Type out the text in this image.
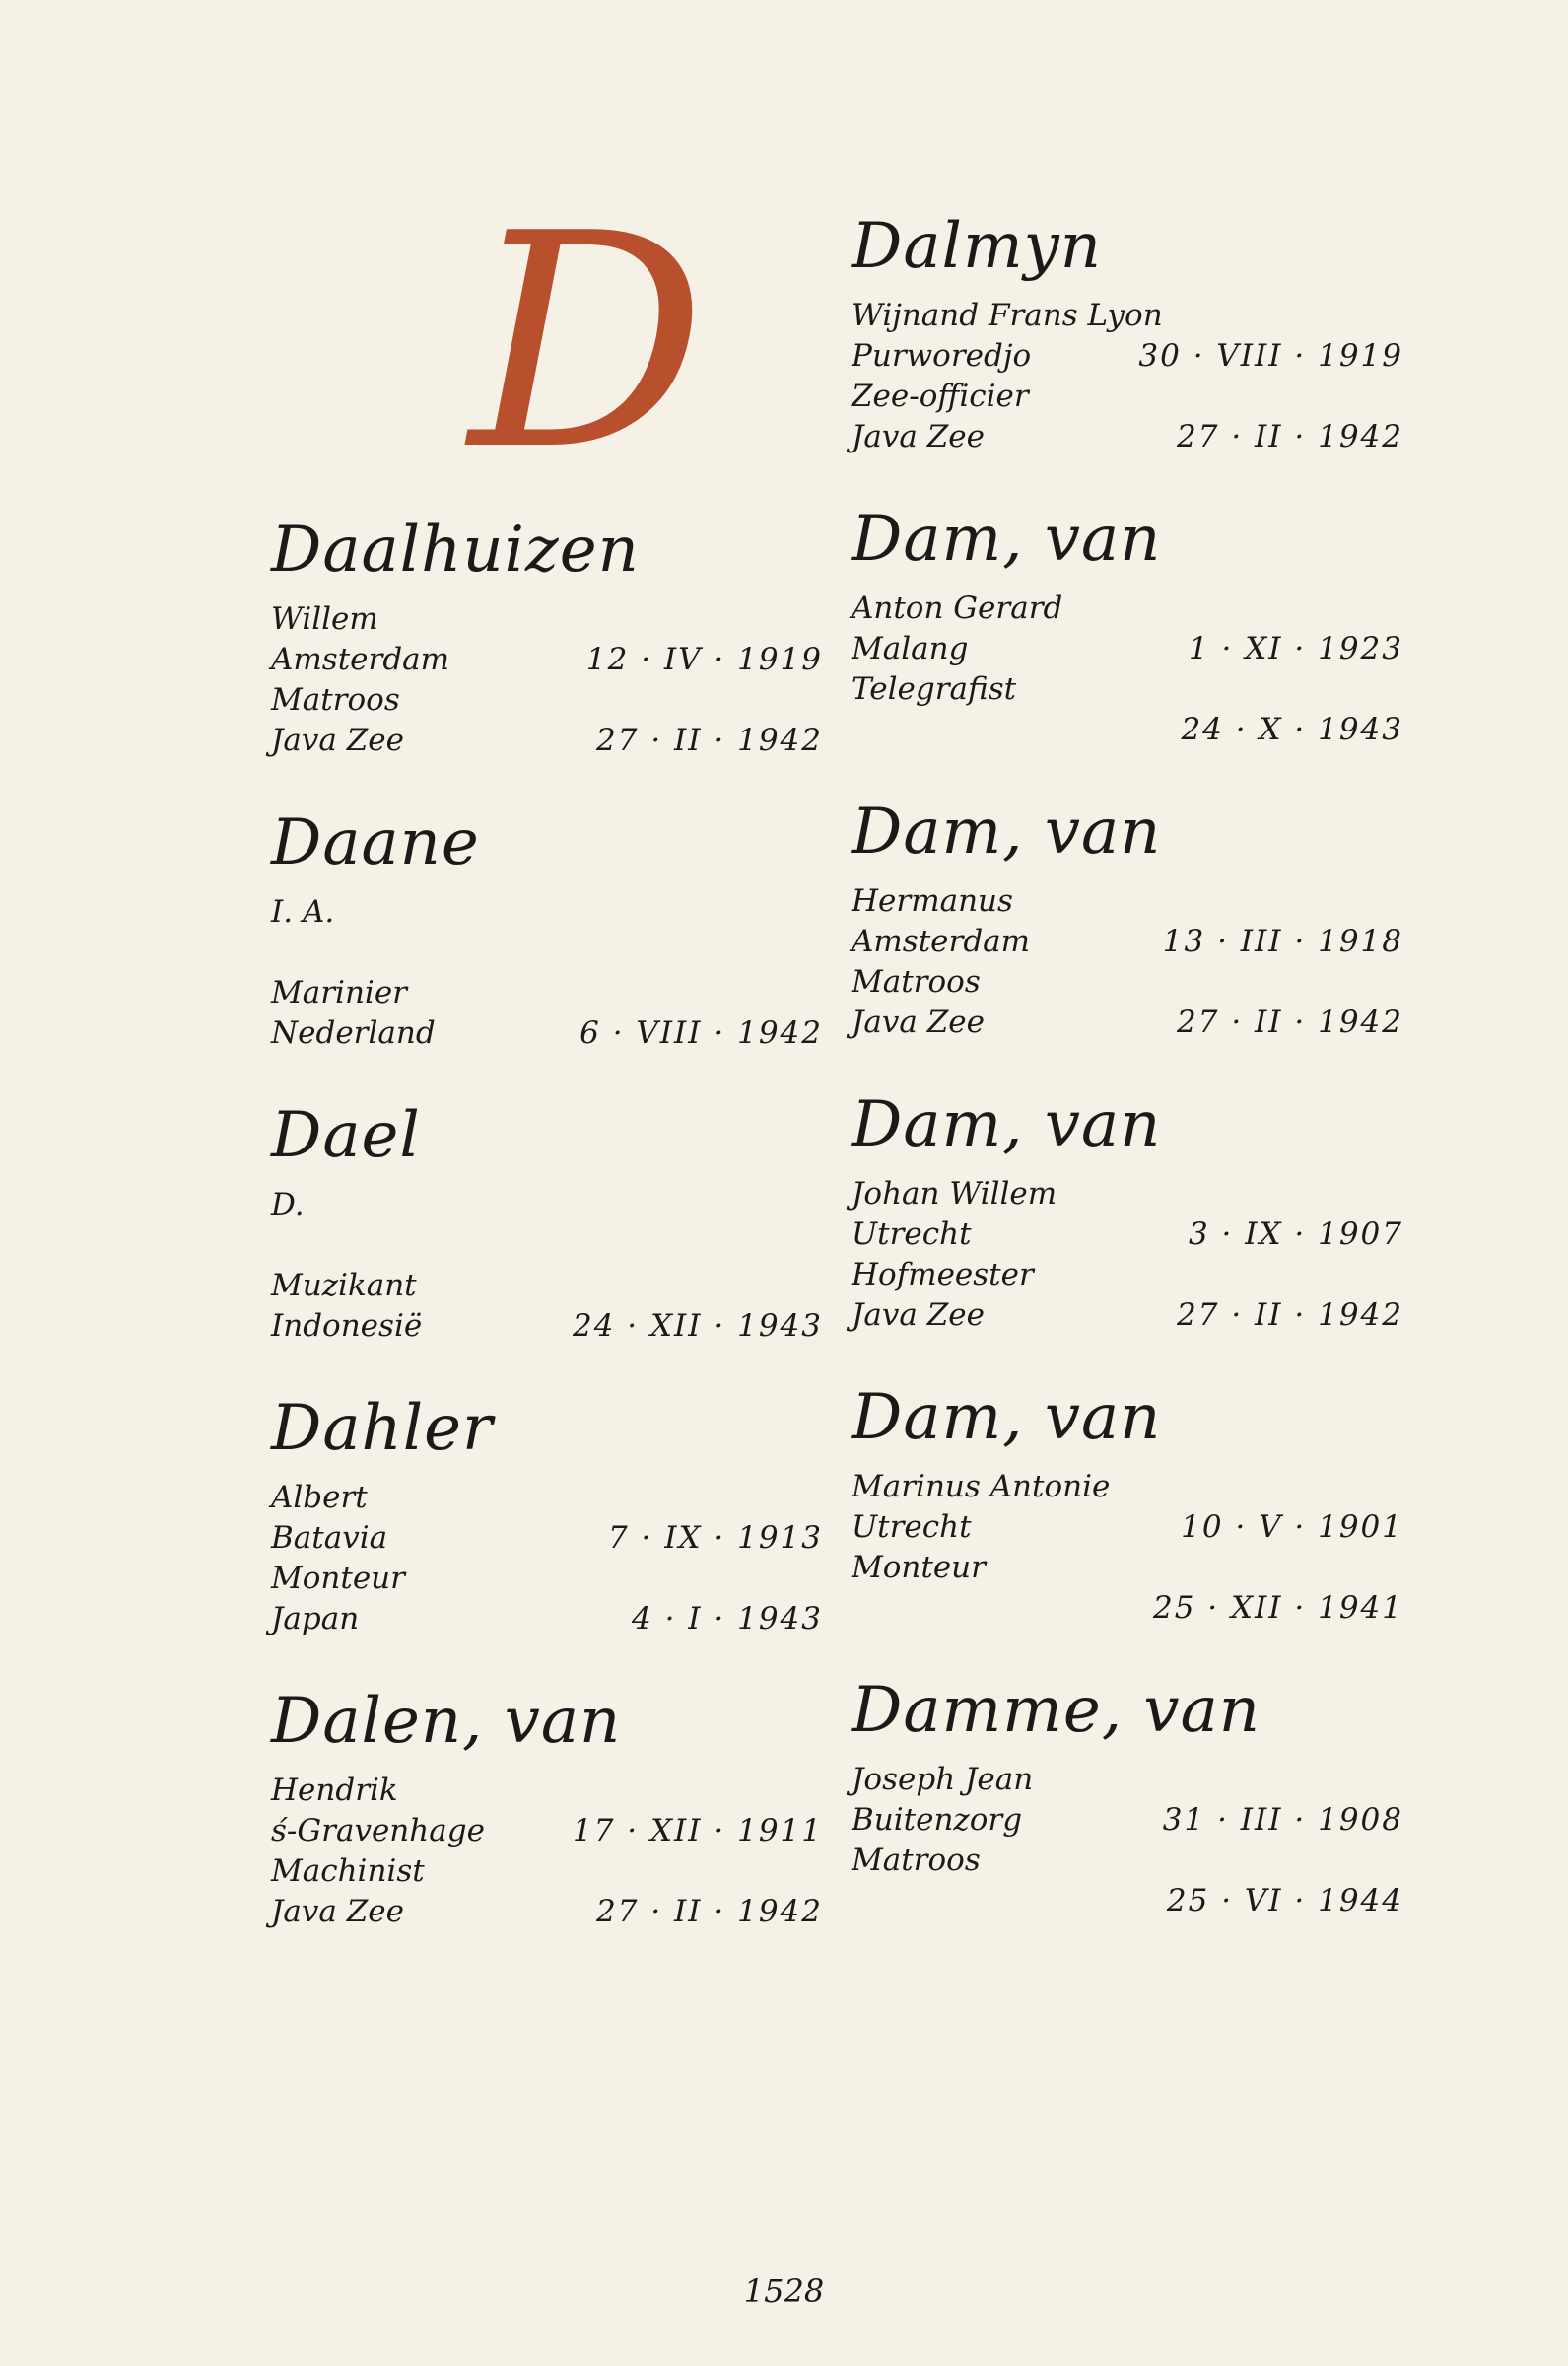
D
Daalhuizen
Willem
Amsterdam	12 · IV · 1919
Matroos
Java Zee	27 · II · 1942
Daane
I. A.
Marinier
Nederland	6 · VIII · 1942
Dael
D.
Muzikant
Indonesië	24 · XII · 1943
Dahler
Albert
Batavia	7 · IX · 1913
Monteur
Japan	4 · I · 1943
Dalen, van
Hendrik
ś-Gravenhage	17 · XII · 1911
Machinist
Java Zee	27 · II · 1942
Dalmyn
Wijnand Frans Lyon
Purworedjo	30 · VIII · 1919
Zee-officier
Java Zee	27 · II · 1942
Dam, van
Anton Gerard
Malang	1 · XI · 1923
Telegrafist
24 · X · 1943
Dam, van
Hermanus
Amsterdam	13 · III · 1918
Matroos
Java Zee	27 · II · 1942
Dam, van
Johan Willem
Utrecht	3 · IX · 1907
Hofmeester
Java Zee	27 · II · 1942
Dam, van
Marinus Antonie
Utrecht	10 · V · 1901
Monteur
25 · XII · 1941
Damme, van
Joseph Jean
Buitenzorg	31 · III · 1908
Matroos
25 · VI · 1944
1528
